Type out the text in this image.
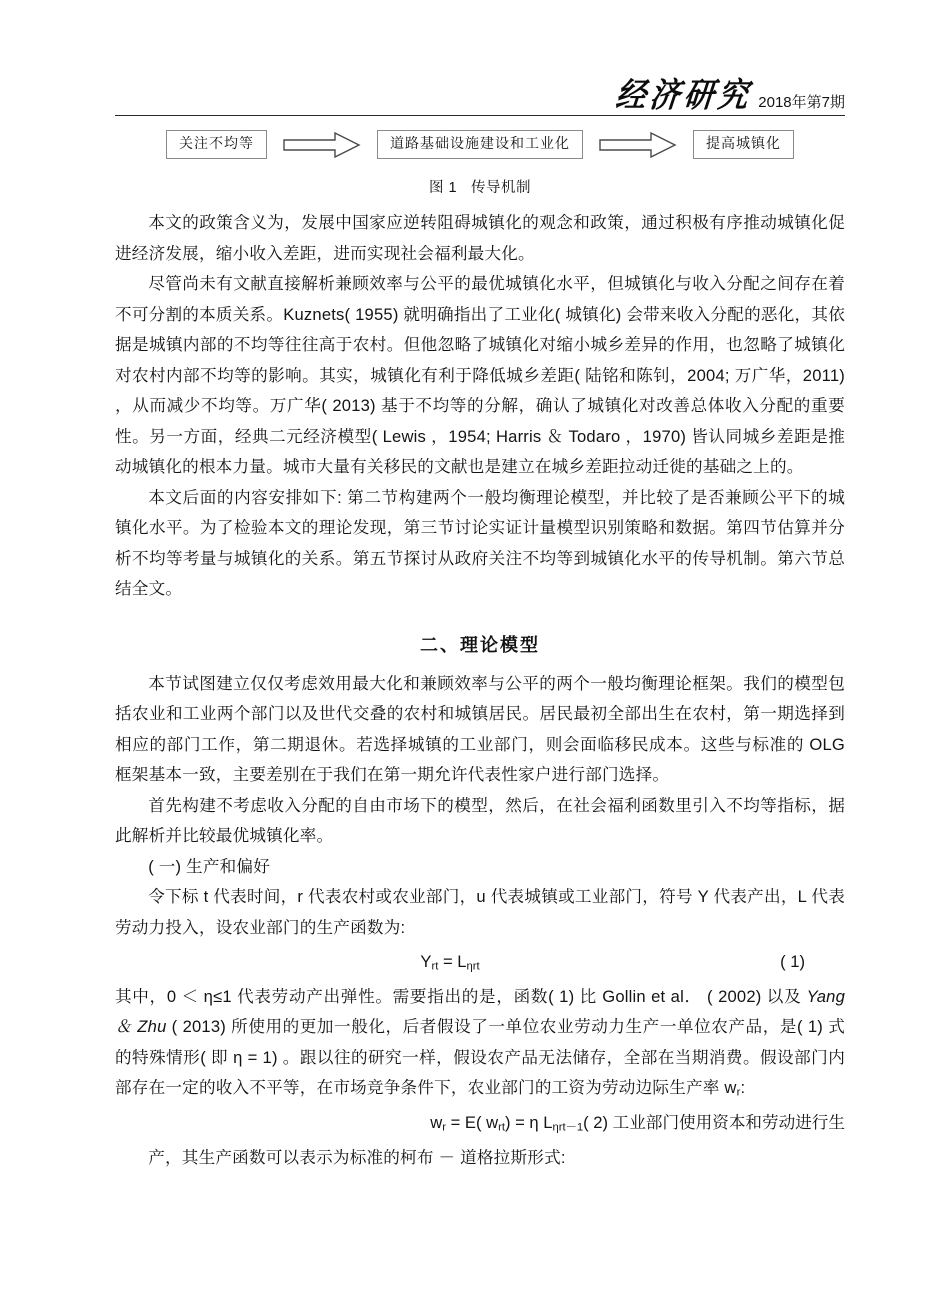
经济研究 2018年第7期
关注不均等	道路基础设施建设和工业化	提高城镇化
图 1 传导机制

本文的政策含义为，发展中国家应逆转阻碍城镇化的观念和政策，通过积极有序推动城镇化促进经济发展，缩小收入差距，进而实现社会福利最大化。

尽管尚未有文献直接解析兼顾效率与公平的最优城镇化水平，但城镇化与收入分配之间存在着不可分割的本质关系。Kuznets( 1955) 就明确指出了工业化( 城镇化) 会带来收入分配的恶化，其依据是城镇内部的不均等往往高于农村。但他忽略了城镇化对缩小城乡差异的作用，也忽略了城镇化对农村内部不均等的影响。其实，城镇化有利于降低城乡差距( 陆铭和陈钊，2004; 万广华，2011) ，从而减少不均等。万广华( 2013) 基于不均等的分解，确认了城镇化对改善总体收入分配的重要性。另一方面，经典二元经济模型( Lewis ，1954; Harris ＆ Todaro ，1970) 皆认同城乡差距是推动城镇化的根本力量。城市大量有关移民的文献也是建立在城乡差距拉动迁徙的基础之上的。

本文后面的内容安排如下: 第二节构建两个一般均衡理论模型，并比较了是否兼顾公平下的城镇化水平。为了检验本文的理论发现，第三节讨论实证计量模型识别策略和数据。第四节估算并分析不均等考量与城镇化的关系。第五节探讨从政府关注不均等到城镇化水平的传导机制。第六节总结全文。

二、理论模型

本节试图建立仅仅考虑效用最大化和兼顾效率与公平的两个一般均衡理论框架。我们的模型包括农业和工业两个部门以及世代交叠的农村和城镇居民。居民最初全部出生在农村，第一期选择到相应的部门工作，第二期退休。若选择城镇的工业部门，则会面临移民成本。这些与标准的 OLG 框架基本一致，主要差别在于我们在第一期允许代表性家户进行部门选择。

首先构建不考虑收入分配的自由市场下的模型，然后，在社会福利函数里引入不均等指标，据此解析并比较最优城镇化率。

( 一) 生产和偏好

令下标 t 代表时间，r 代表农村或农业部门，u 代表城镇或工业部门，符号 Y 代表产出，L 代表劳动力投入，设农业部门的生产函数为:

$Y_{rt} = L_{\eta rt}$	( 1)

其中，0 ＜ η≤1 代表劳动产出弹性。需要指出的是，函数( 1) 比 Gollin et al． ( 2002) 以及 Yang ＆ Zhu ( 2013) 所使用的更加一般化，后者假设了一单位农业劳动力生产一单位农产品，是( 1) 式的特殊情形( 即 η = 1) 。跟以往的研究一样，假设农产品无法储存，全部在当期消费。假设部门内部存在一定的收入不平等，在市场竞争条件下，农业部门的工资为劳动边际生产率 $w_r$:

$w_r = E$( $w_{rt}) = \eta$ $L_{\eta rt-1}$( 2) 工业部门使用资本和劳动进行生

产，其生产函数可以表示为标准的柯布 － 道格拉斯形式:
